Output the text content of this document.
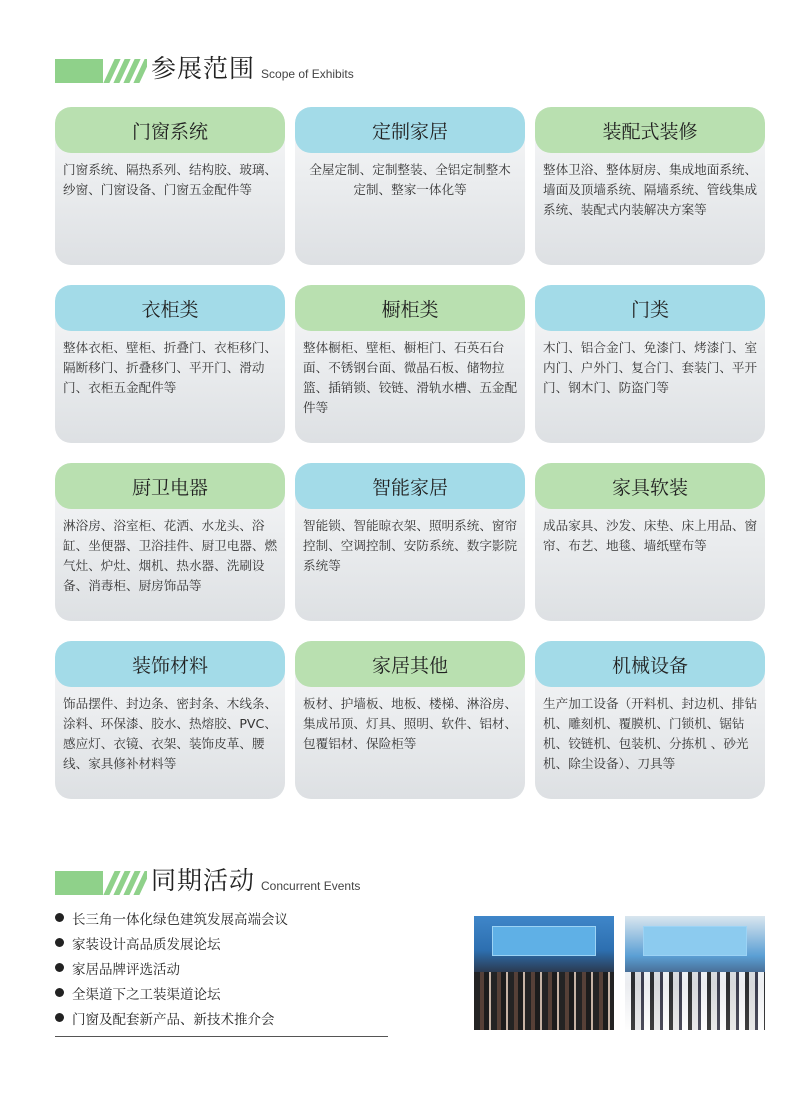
参展范围 Scope of Exhibits
门窗系统
门窗系统、隔热系列、结构胶、玻璃、纱窗、门窗设备、门窗五金配件等
定制家居
全屋定制、定制整装、全铝定制整木定制、整家一体化等
装配式装修
整体卫浴、整体厨房、集成地面系统、墙面及顶墙系统、隔墙系统、管线集成系统、装配式内装解决方案等
衣柜类
整体衣柜、壁柜、折叠门、衣柜移门、隔断移门、折叠移门、平开门、滑动门、衣柜五金配件等
橱柜类
整体橱柜、壁柜、橱柜门、石英石台面、不锈钢台面、微晶石板、储物拉篮、插销锁、铰链、滑轨水槽、五金配件等
门类
木门、铝合金门、免漆门、烤漆门、室内门、户外门、复合门、套装门、平开门、钢木门、防盗门等
厨卫电器
淋浴房、浴室柜、花洒、水龙头、浴缸、坐便器、卫浴挂件、厨卫电器、燃气灶、炉灶、烟机、热水器、洗刷设备、消毒柜、厨房饰品等
智能家居
智能锁、智能晾衣架、照明系统、窗帘控制、空调控制、安防系统、数字影院系统等
家具软装
成品家具、沙发、床垫、床上用品、窗帘、布艺、地毯、墙纸壁布等
装饰材料
饰品摆件、封边条、密封条、木线条、涂料、环保漆、胶水、热熔胶、PVC、感应灯、衣镜、衣架、装饰皮革、腰线、家具修补材料等
家居其他
板材、护墙板、地板、楼梯、淋浴房、集成吊顶、灯具、照明、软件、铝材、包覆铝材、保险柜等
机械设备
生产加工设备（开料机、封边机、排钻机、雕刻机、覆膜机、门锁机、锯钻机、铰链机、包装机、分拣机 、砂光机、除尘设备）、刀具等
同期活动 Concurrent Events
长三角一体化绿色建筑发展高端会议
家装设计高品质发展论坛
家居品牌评选活动
全渠道下之工装渠道论坛
门窗及配套新产品、新技术推介会
